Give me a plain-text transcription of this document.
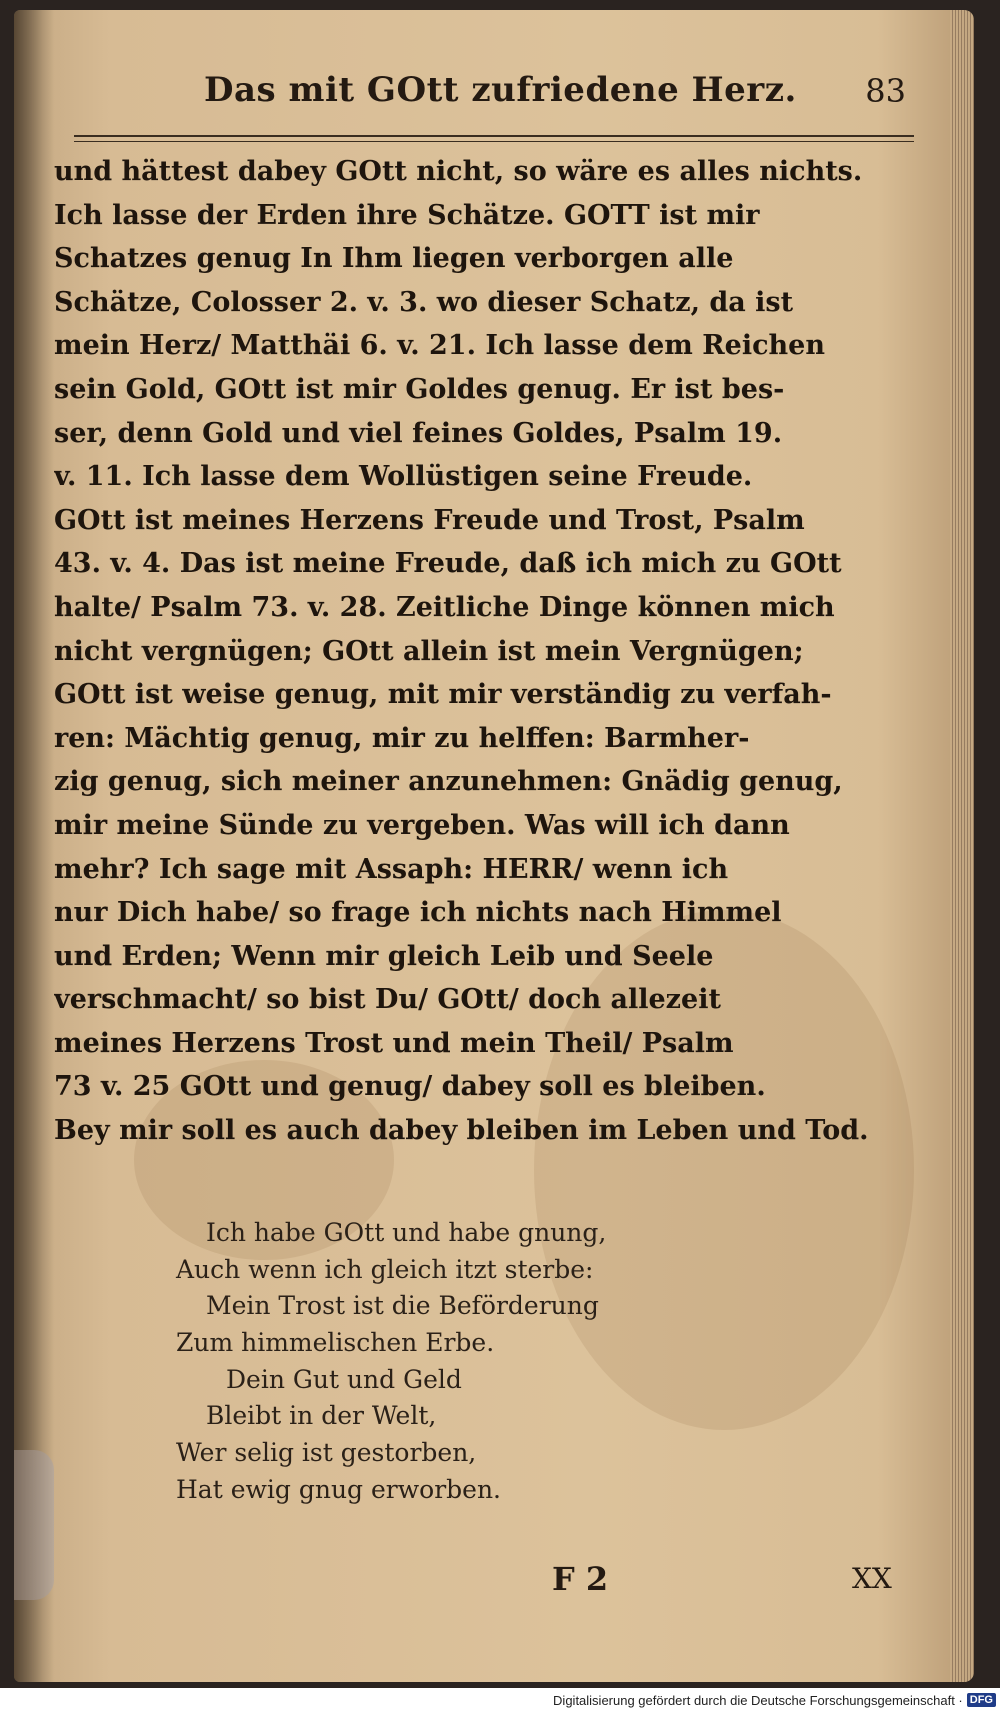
Das mit GOtt zufriedene Herz. 83
und hättest dabey GOtt nicht, so wäre es alles nichts.
Ich lasse der Erden ihre Schätze. GOTT ist mir
Schatzes genug In Ihm liegen verborgen alle
Schätze, Colosser 2. v. 3. wo dieser Schatz, da ist
mein Herz/ Matthäi 6. v. 21. Ich lasse dem Reichen
sein Gold, GOtt ist mir Goldes genug. Er ist bes-
ser, denn Gold und viel feines Goldes, Psalm 19.
v. 11. Ich lasse dem Wollüstigen seine Freude.
GOtt ist meines Herzens Freude und Trost, Psalm
43. v. 4. Das ist meine Freude, daß ich mich zu GOtt
halte/ Psalm 73. v. 28. Zeitliche Dinge können mich
nicht vergnügen; GOtt allein ist mein Vergnügen;
GOtt ist weise genug, mit mir verständig zu verfah-
ren: Mächtig genug, mir zu helffen: Barmher-
zig genug, sich meiner anzunehmen: Gnädig genug,
mir meine Sünde zu vergeben. Was will ich dann
mehr? Ich sage mit Assaph: HERR/ wenn ich
nur Dich habe/ so frage ich nichts nach Himmel
und Erden; Wenn mir gleich Leib und Seele
verschmacht/ so bist Du/ GOtt/ doch allezeit
meines Herzens Trost und mein Theil/ Psalm
73 v. 25 GOtt und genug/ dabey soll es bleiben.
Bey mir soll es auch dabey bleiben im Leben und Tod.
Ich habe GOtt und habe gnung,
Auch wenn ich gleich itzt sterbe:
Mein Trost ist die Beförderung
Zum himmelischen Erbe.
Dein Gut und Geld
Bleibt in der Welt,
Wer selig ist gestorben,
Hat ewig gnug erworben.
F 2	XX
Digitalisierung gefördert durch die Deutsche Forschungsgemeinschaft · DFG
